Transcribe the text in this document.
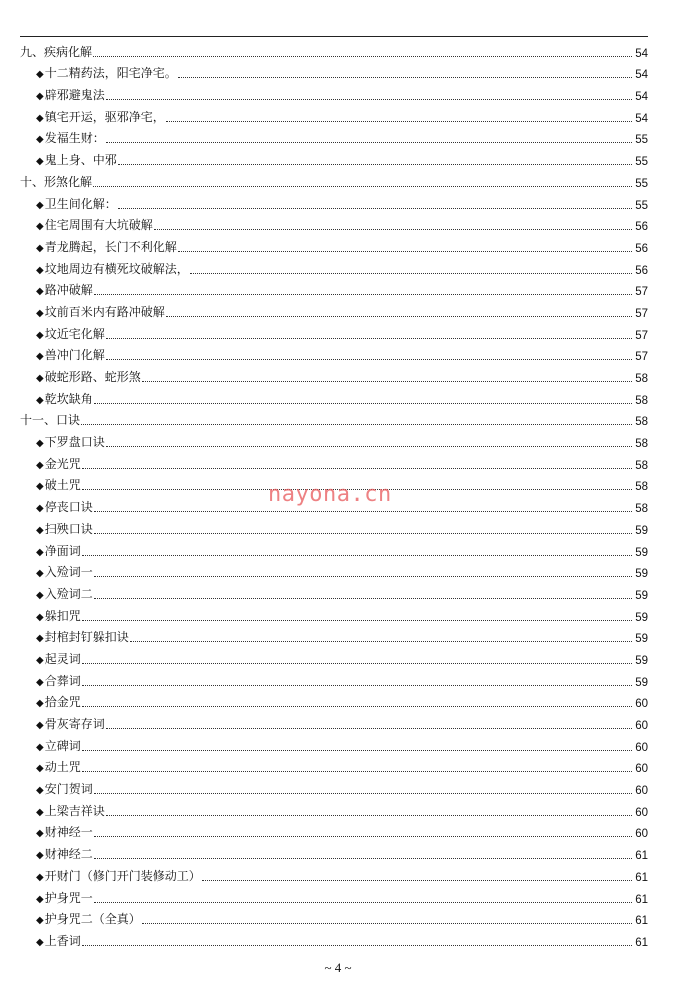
九、疾病化解	54
◆十二精药法，阳宅净宅。	54
◆辟邪避鬼法	54
◆镇宅开运，驱邪净宅，	54
◆发福生财：	55
◆鬼上身、中邪	55
十、形煞化解	55
◆卫生间化解：	55
◆住宅周围有大坑破解	56
◆青龙腾起，长门不利化解	56
◆坟地周边有横死坟破解法，	56
◆路冲破解	57
◆坟前百米内有路冲破解	57
◆坟近宅化解	57
◆兽冲门化解	57
◆破蛇形路、蛇形煞	58
◆乾坎缺角	58
十一、口诀	58
◆下罗盘口诀	58
◆金光咒	58
◆破土咒	58
◆停丧口诀	58
◆扫殃口诀	59
◆净面词	59
◆入殓词一	59
◆入殓词二	59
◆躲扣咒	59
◆封棺封钉躲扣诀	59
◆起灵词	59
◆合葬词	59
◆拾金咒	60
◆骨灰寄存词	60
◆立碑词	60
◆动土咒	60
◆安门贺词	60
◆上梁吉祥诀	60
◆财神经一	60
◆财神经二	61
◆开财门（修门开门装修动工）	61
◆护身咒一	61
◆护身咒二（全真）	61
◆上香词	61
nayona.cn
~ 4 ~
